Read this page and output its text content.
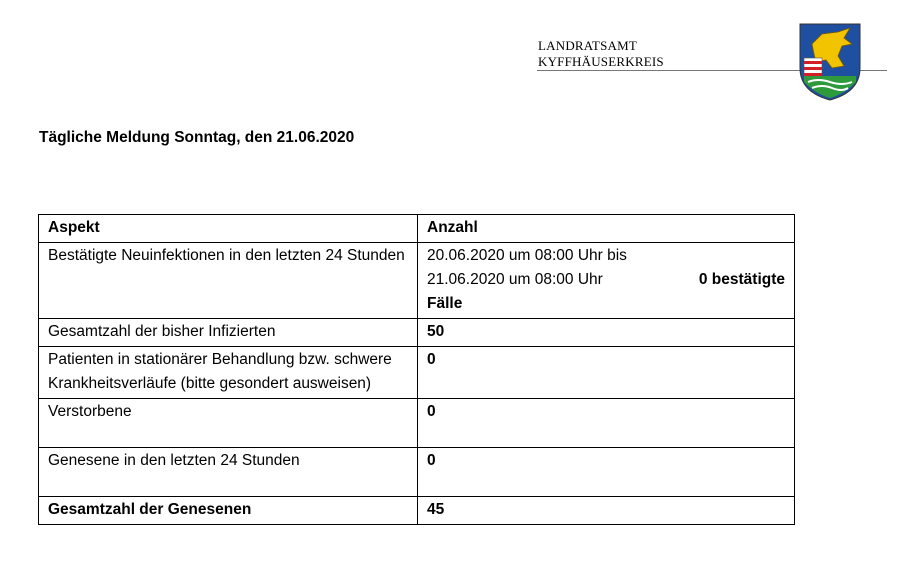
LANDRATSAMT
KYFFHÄUSERKREIS
Tägliche Meldung Sonntag, den 21.06.2020
Aspekt	Anzahl
Bestätigte Neuinfektionen in den letzten 24 Stunden	20.06.2020 um 08:00 Uhr bis
21.06.2020 um 08:00 Uhr 0 bestätigte
Fälle

Gesamtzahl der bisher Infizierten	50
Patienten in stationärer Behandlung bzw. schwere Krankheitsverläufe (bitte gesondert ausweisen)	0
Verstorbene	0
Genesene in den letzten 24 Stunden	0
Gesamtzahl der Genesenen	45
